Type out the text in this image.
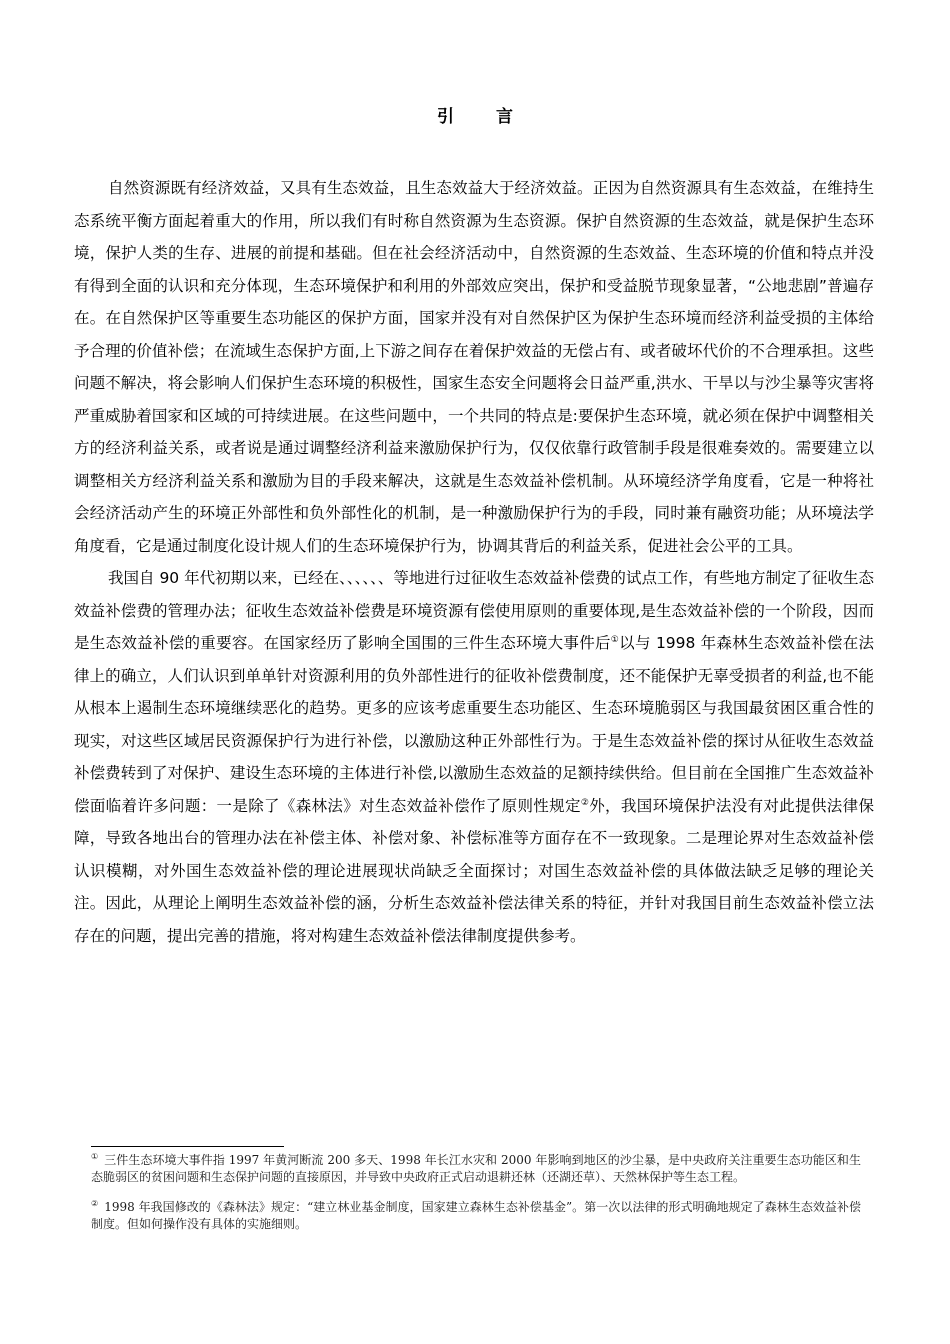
引 言

自然资源既有经济效益，又具有生态效益，且生态效益大于经济效益。正因为自然资源具有生态效益，在维持生态系统平衡方面起着重大的作用，所以我们有时称自然资源为生态资源。保护自然资源的生态效益，就是保护生态环境，保护人类的生存、进展的前提和基础。但在社会经济活动中，自然资源的生态效益、生态环境的价值和特点并没有得到全面的认识和充分体现，生态环境保护和利用的外部效应突出，保护和受益脱节现象显著，“公地悲剧”普遍存在。在自然保护区等重要生态功能区的保护方面，国家并没有对自然保护区为保护生态环境而经济利益受损的主体给予合理的价值补偿；在流域生态保护方面,上下游之间存在着保护效益的无偿占有、或者破坏代价的不合理承担。这些问题不解决，将会影响人们保护生态环境的积极性，国家生态安全问题将会日益严重,洪水、干旱以与沙尘暴等灾害将严重威胁着国家和区域的可持续进展。在这些问题中，一个共同的特点是:要保护生态环境，就必须在保护中调整相关方的经济利益关系，或者说是通过调整经济利益来激励保护行为，仅仅依靠行政管制手段是很难奏效的。需要建立以调整相关方经济利益关系和激励为目的手段来解决，这就是生态效益补偿机制。从环境经济学角度看，它是一种将社会经济活动产生的环境正外部性和负外部性化的机制，是一种激励保护行为的手段，同时兼有融资功能；从环境法学角度看，它是通过制度化设计规人们的生态环境保护行为，协调其背后的利益关系，促进社会公平的工具。

我国自 90 年代初期以来，已经在、、、、、、等地进行过征收生态效益补偿费的试点工作，有些地方制定了征收生态效益补偿费的管理办法；征收生态效益补偿费是环境资源有偿使用原则的重要体现,是生态效益补偿的一个阶段，因而是生态效益补偿的重要容。在国家经历了影响全国围的三件生态环境大事件后①以与 1998 年森林生态效益补偿在法律上的确立，人们认识到单单针对资源利用的负外部性进行的征收补偿费制度，还不能保护无辜受损者的利益,也不能从根本上遏制生态环境继续恶化的趋势。更多的应该考虑重要生态功能区、生态环境脆弱区与我国最贫困区重合性的现实，对这些区域居民资源保护行为进行补偿，以激励这种正外部性行为。于是生态效益补偿的探讨从征收生态效益补偿费转到了对保护、建设生态环境的主体进行补偿,以激励生态效益的足额持续供给。但目前在全国推广生态效益补偿面临着许多问题：一是除了《森林法》对生态效益补偿作了原则性规定②外，我国环境保护法没有对此提供法律保障，导致各地出台的管理办法在补偿主体、补偿对象、补偿标准等方面存在不一致现象。二是理论界对生态效益补偿认识模糊，对外国生态效益补偿的理论进展现状尚缺乏全面探讨；对国生态效益补偿的具体做法缺乏足够的理论关注。因此，从理论上阐明生态效益补偿的涵，分析生态效益补偿法律关系的特征，并针对我国目前生态效益补偿立法存在的问题，提出完善的措施，将对构建生态效益补偿法律制度提供参考。

① 三件生态环境大事件指 1997 年黄河断流 200 多天、1998 年长江水灾和 2000 年影响到地区的沙尘暴，是中央政府关注重要生态功能区和生态脆弱区的贫困问题和生态保护问题的直接原因，并导致中央政府正式启动退耕还林（还湖还草）、天然林保护等生态工程。

② 1998 年我国修改的《森林法》规定：“建立林业基金制度，国家建立森林生态补偿基金”。第一次以法律的形式明确地规定了森林生态效益补偿制度。但如何操作没有具体的实施细则。
